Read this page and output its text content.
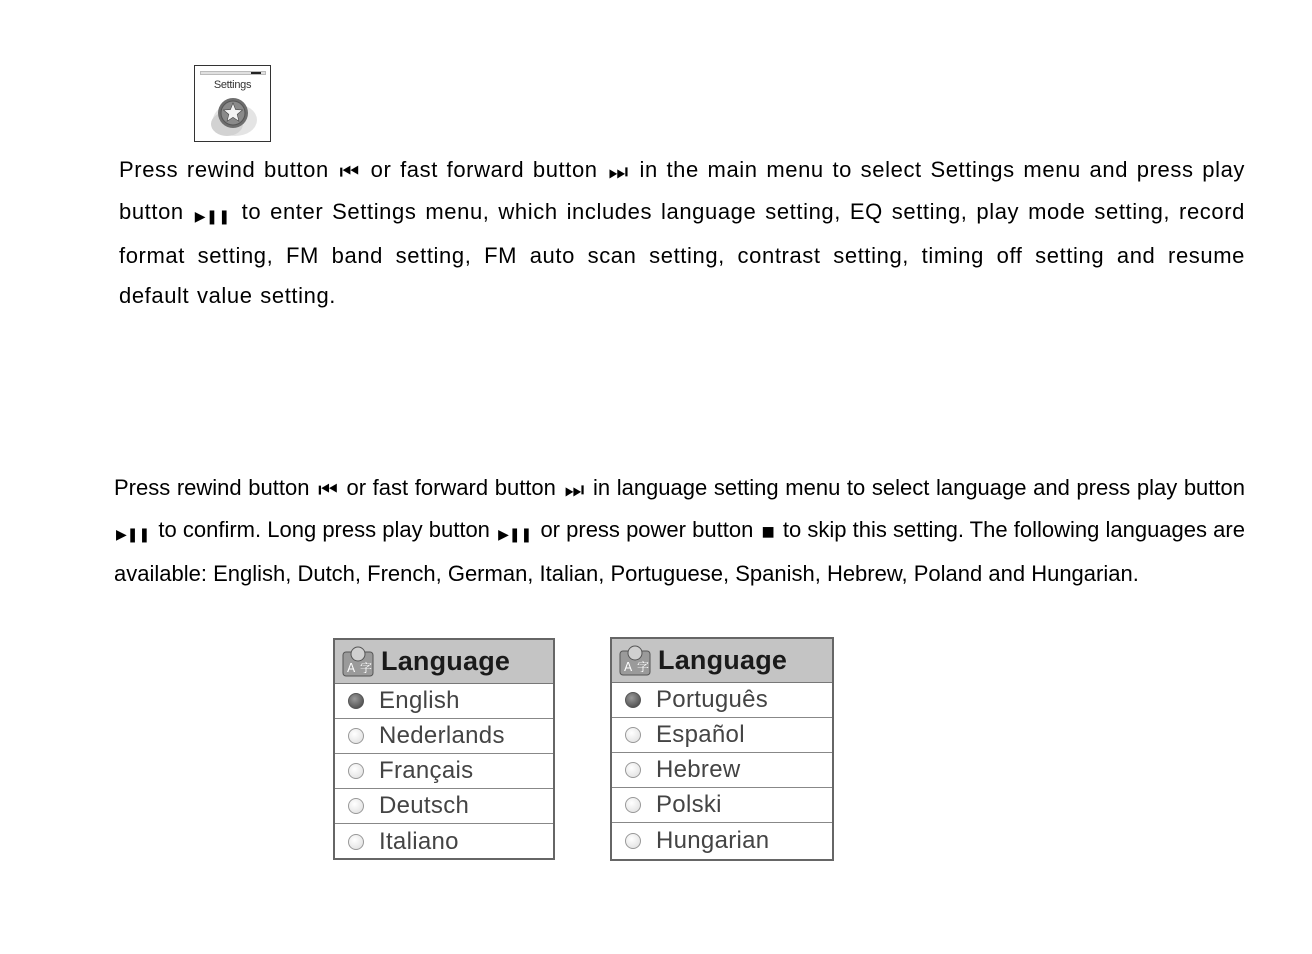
Settings

Press rewind button ⏮ or fast forward button ⏭ in the main menu to select Settings menu and press play button ▶❚❚ to enter Settings menu, which includes language setting, EQ setting, play mode setting, record format setting, FM band setting, FM auto scan setting, contrast setting, timing off setting and resume default value setting.

Press rewind button ⏮ or fast forward button ⏭ in language setting menu to select language and press play button ▶❚❚ to confirm. Long press play button ▶❚❚ or press power button ■ to skip this setting. The following languages are available: English, Dutch, French, German, Italian, Portuguese, Spanish, Hebrew, Poland and Hungarian.

A 字 Language
English
Nederlands
Français
Deutsch
Italiano
A 字 Language
Português
Español
Hebrew
Polski
Hungarian
